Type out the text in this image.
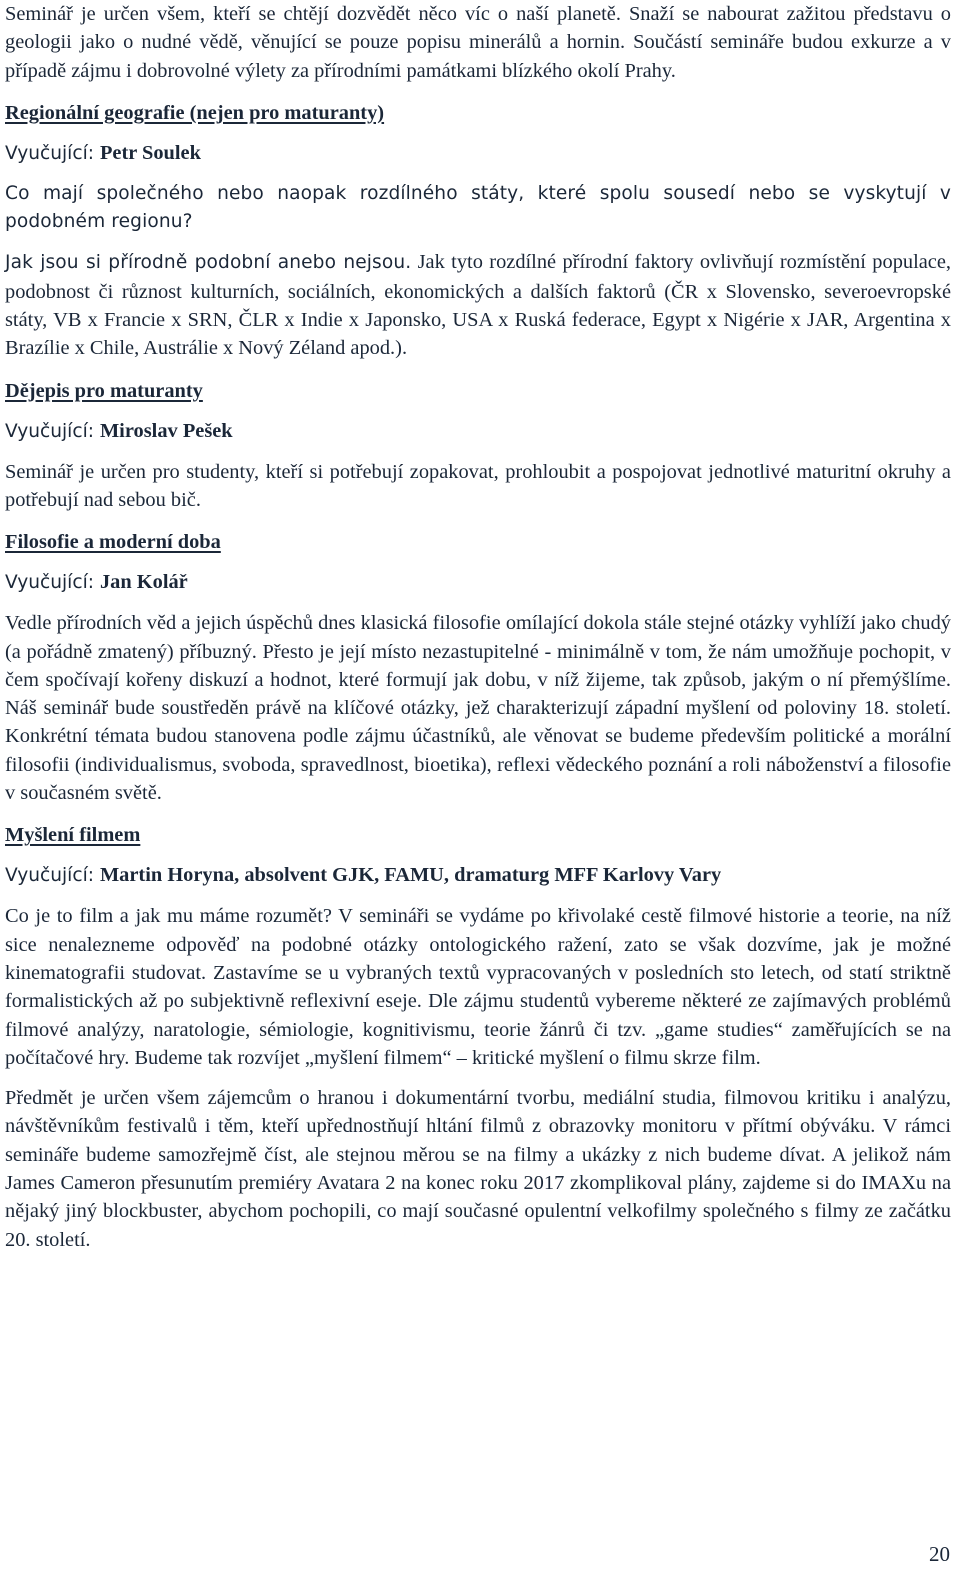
Seminář je určen všem, kteří se chtějí dozvědět něco víc o naší planetě. Snaží se nabourat zažitou představu o geologii jako o nudné vědě, věnující se pouze popisu minerálů a hornin. Součástí semináře budou exkurze a v případě zájmu i dobrovolné výlety za přírodními památkami blízkého okolí Prahy.

Regionální geografie (nejen pro maturanty)

Vyučující: Petr Soulek

Co mají společného nebo naopak rozdílného státy, které spolu sousedí nebo se vyskytují v podobném regionu?

Jak jsou si přírodně podobní anebo nejsou. Jak tyto rozdílné přírodní faktory ovlivňují rozmístění populace, podobnost či různost kulturních, sociálních, ekonomických a dalších faktorů (ČR x Slovensko, severoevropské státy, VB x Francie x SRN, ČLR x Indie x Japonsko, USA x Ruská federace, Egypt x Nigérie x JAR, Argentina x Brazílie x Chile, Austrálie x Nový Zéland apod.).

Dějepis pro maturanty

Vyučující: Miroslav Pešek

Seminář je určen pro studenty, kteří si potřebují zopakovat, prohloubit a pospojovat jednotlivé maturitní okruhy a potřebují nad sebou bič.

Filosofie a moderní doba

Vyučující: Jan Kolář

Vedle přírodních věd a jejich úspěchů dnes klasická filosofie omílající dokola stále stejné otázky vyhlíží jako chudý (a pořádně zmatený) příbuzný. Přesto je její místo nezastupitelné - minimálně v tom, že nám umožňuje pochopit, v čem spočívají kořeny diskuzí a hodnot, které formují jak dobu, v níž žijeme, tak způsob, jakým o ní přemýšlíme. Náš seminář bude soustředěn právě na klíčové otázky, jež charakterizují západní myšlení od poloviny 18. století. Konkrétní témata budou stanovena podle zájmu účastníků, ale věnovat se budeme především politické a morální filosofii (individualismus, svoboda, spravedlnost, bioetika), reflexi vědeckého poznání a roli náboženství a filosofie v současném světě.

Myšlení filmem

Vyučující: Martin Horyna, absolvent GJK, FAMU, dramaturg MFF Karlovy Vary

Co je to film a jak mu máme rozumět? V semináři se vydáme po křivolaké cestě filmové historie a teorie, na níž sice nenalezneme odpověď na podobné otázky ontologického ražení, zato se však dozvíme, jak je možné kinematografii studovat. Zastavíme se u vybraných textů vypracovaných v posledních sto letech, od statí striktně formalistických až po subjektivně reflexivní eseje. Dle zájmu studentů vybereme některé ze zajímavých problémů filmové analýzy, naratologie, sémiologie, kognitivismu, teorie žánrů či tzv. „game studies“ zaměřujících se na počítačové hry. Budeme tak rozvíjet „myšlení filmem“ – kritické myšlení o filmu skrze film.

Předmět je určen všem zájemcům o hranou i dokumentární tvorbu, mediální studia, filmovou kritiku i analýzu, návštěvníkům festivalů i těm, kteří upřednostňují hltání filmů z obrazovky monitoru v přítmí obýváku. V rámci semináře budeme samozřejmě číst, ale stejnou měrou se na filmy a ukázky z nich budeme dívat. A jelikož nám James Cameron přesunutím premiéry Avatara 2 na konec roku 2017 zkomplikoval plány, zajdeme si do IMAXu na nějaký jiný blockbuster, abychom pochopili, co mají současné opulentní velkofilmy společného s filmy ze začátku 20. století.

20
